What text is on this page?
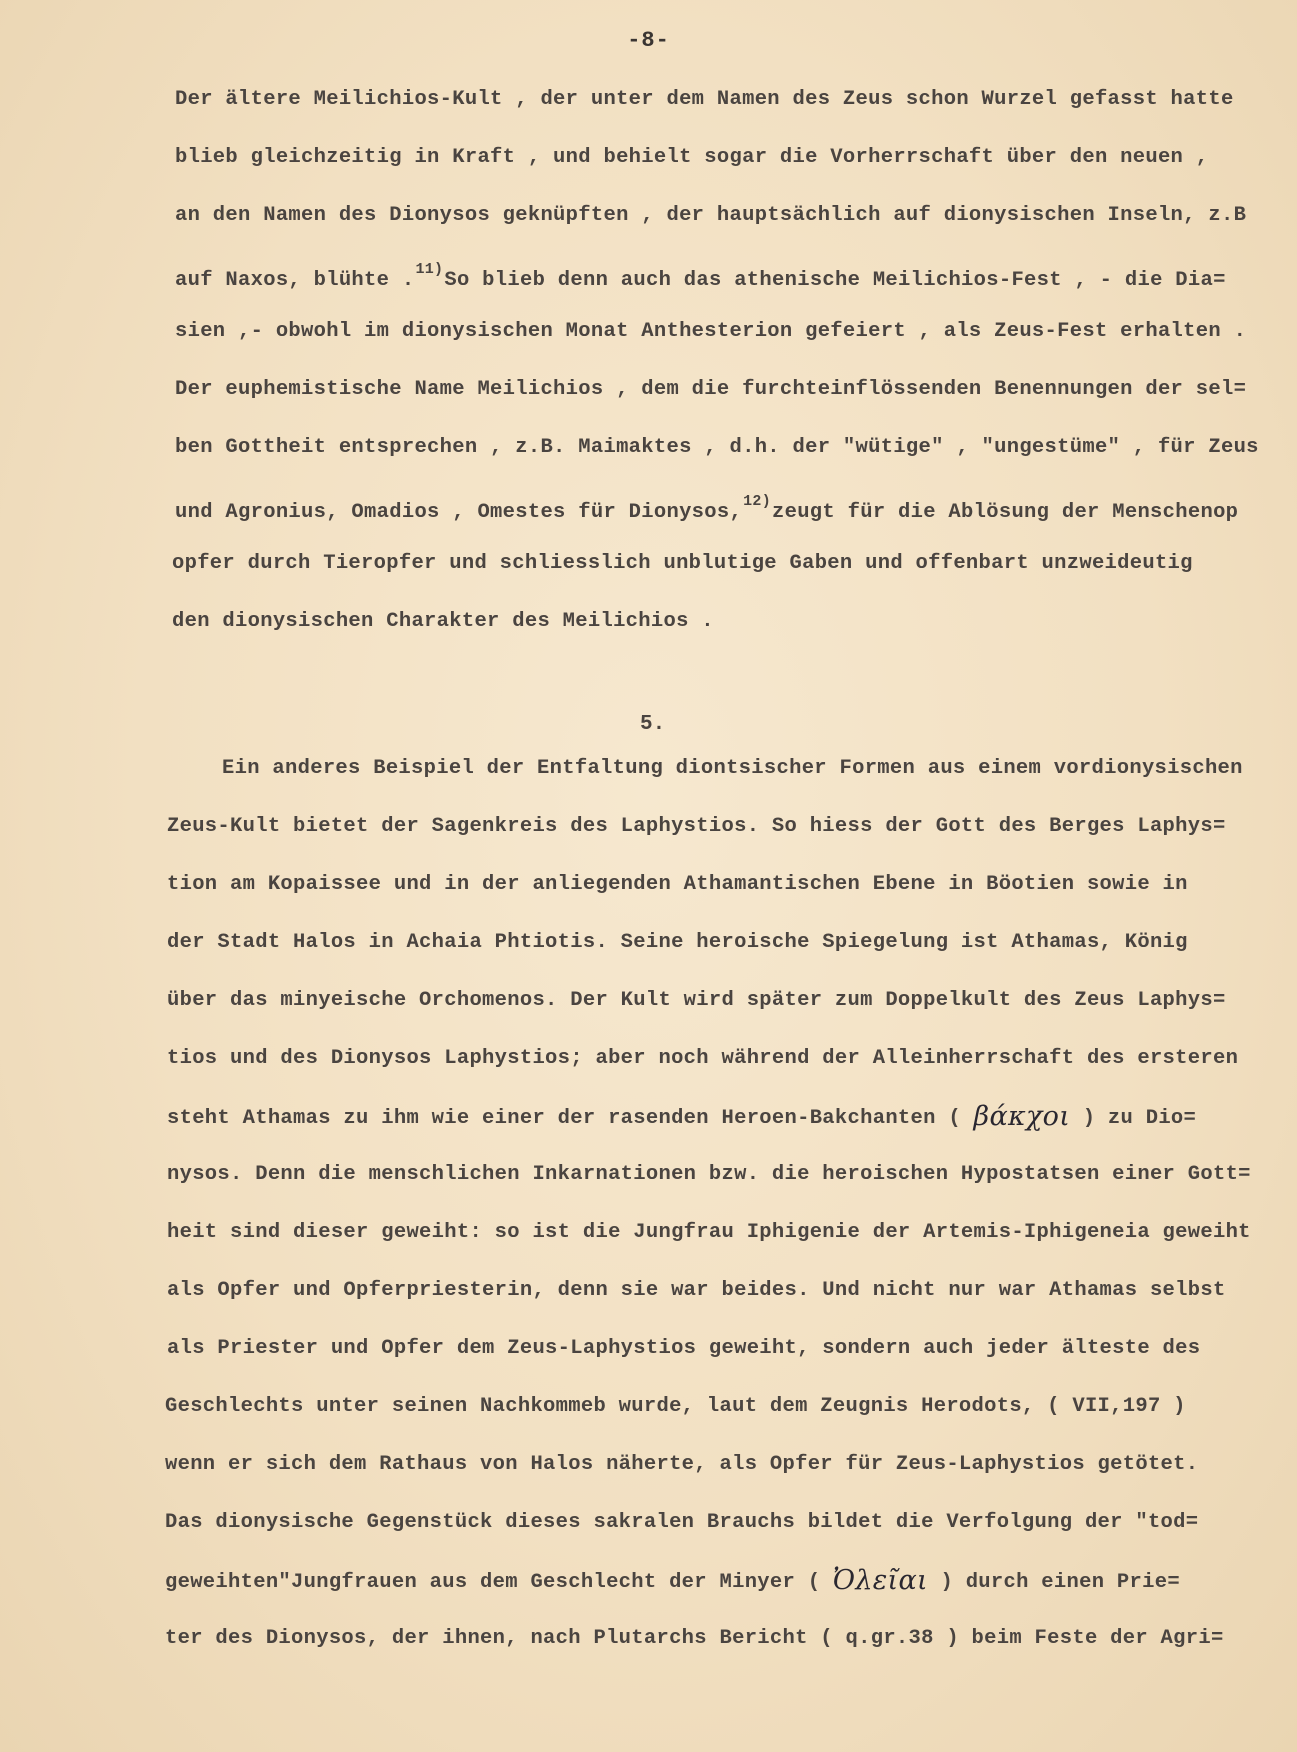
-8-
Der ältere Meilichios-Kult , der unter dem Namen des Zeus schon Wurzel gefasst hatte
blieb gleichzeitig in Kraft , und behielt sogar die Vorherrschaft über den neuen ,
an den Namen des Dionysos geknüpften , der hauptsächlich auf dionysischen Inseln, z.B
auf Naxos, blühte .$^{11)}$So blieb denn auch das athenische Meilichios-Fest , - die Dia=
sien ,- obwohl im dionysischen Monat Anthesterion gefeiert , als Zeus-Fest erhalten .
Der euphemistische Name Meilichios , dem die furchteinflössenden Benennungen der sel=
ben Gottheit entsprechen , z.B. Maimaktes , d.h. der "wütige" , "ungestüme" , für Zeus
und Agronius, Omadios , Omestes für Dionysos,$^{12)}$zeugt für die Ablösung der Menschenop
opfer durch Tieropfer und schliesslich unblutige Gaben und offenbart unzweideutig
den dionysischen Charakter des Meilichios .
5.
Ein anderes Beispiel der Entfaltung diontsischer Formen aus einem vordionysischen
Zeus-Kult bietet der Sagenkreis des Laphystios. So hiess der Gott des Berges Laphys=
tion am Kopaissee und in der anliegenden Athamantischen Ebene in Böotien sowie in
der Stadt Halos in Achaia Phtiotis. Seine heroische Spiegelung ist Athamas, König
über das minyeische Orchomenos. Der Kult wird später zum Doppelkult des Zeus Laphys=
tios und des Dionysos Laphystios; aber noch während der Alleinherrschaft des ersteren
steht Athamas zu ihm wie einer der rasenden Heroen-Bakchanten ( βάκχοι ) zu Dio=
nysos. Denn die menschlichen Inkarnationen bzw. die heroischen Hypostatsen einer Gott=
heit sind dieser geweiht: so ist die Jungfrau Iphigenie der Artemis-Iphigeneia geweiht
als Opfer und Opferpriesterin, denn sie war beides. Und nicht nur war Athamas selbst
als Priester und Opfer dem Zeus-Laphystios geweiht, sondern auch jeder älteste des
Geschlechts unter seinen Nachkommeb wurde, laut dem Zeugnis Herodots, ( VII,197 )
wenn er sich dem Rathaus von Halos näherte, als Opfer für Zeus-Laphystios getötet.
Das dionysische Gegenstück dieses sakralen Brauchs bildet die Verfolgung der "tod=
geweihten"Jungfrauen aus dem Geschlecht der Minyer ( Ὀλεῖαι ) durch einen Prie=
ter des Dionysos, der ihnen, nach Plutarchs Bericht ( q.gr.38 ) beim Feste der Agri=
